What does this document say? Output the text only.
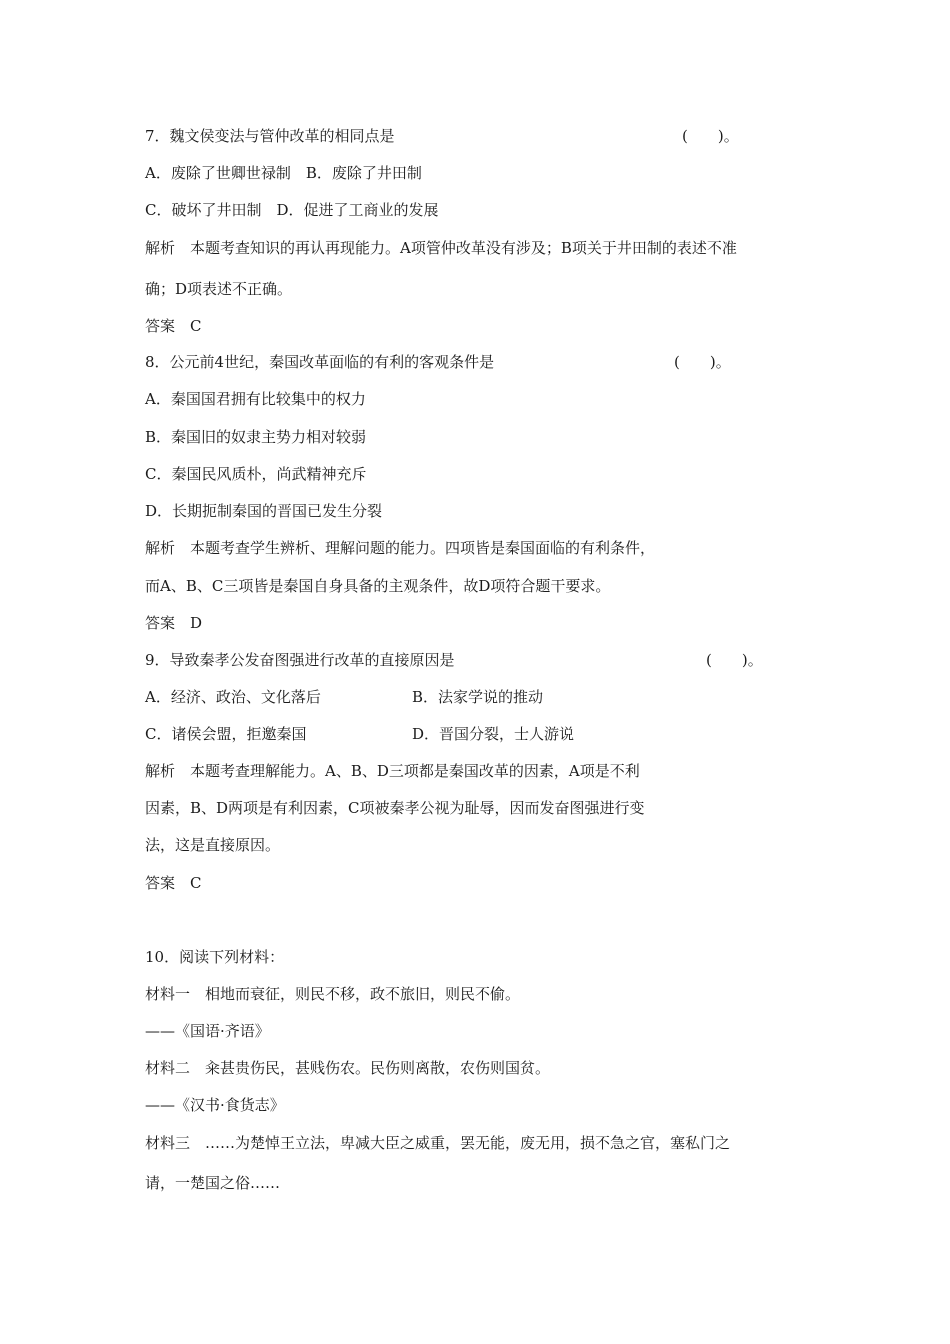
7．魏文侯变法与管仲改革的相同点是	(　　)。
A．废除了世卿世禄制　B．废除了井田制
C．破坏了井田制　D．促进了工商业的发展
解析　本题考查知识的再认再现能力。A项管仲改革没有涉及；B项关于井田制的表述不准
确；D项表述不正确。
答案　C
8．公元前4世纪，秦国改革面临的有利的客观条件是	(　　)。
A．秦国国君拥有比较集中的权力
B．秦国旧的奴隶主势力相对较弱
C．秦国民风质朴，尚武精神充斥
D．长期扼制秦国的晋国已发生分裂
解析　本题考查学生辨析、理解问题的能力。四项皆是秦国面临的有利条件，
而A、B、C三项皆是秦国自身具备的主观条件，故D项符合题干要求。
答案　D
9．导致秦孝公发奋图强进行改革的直接原因是	(　　)。
A．经济、政治、文化落后	B．法家学说的推动
C．诸侯会盟，拒邀秦国	D．晋国分裂，士人游说
解析　本题考查理解能力。A、B、D三项都是秦国改革的因素，A项是不利
因素，B、D两项是有利因素，C项被秦孝公视为耻辱，因而发奋图强进行变
法，这是直接原因。
答案　C
10．阅读下列材料：
材料一　相地而衰征，则民不移，政不旅旧，则民不偷。
——《国语·齐语》
材料二　籴甚贵伤民，甚贱伤农。民伤则离散，农伤则国贫。
——《汉书·食货志》
材料三　……为楚悼王立法，卑减大臣之威重，罢无能，废无用，损不急之官，塞私门之
请，一楚国之俗……
